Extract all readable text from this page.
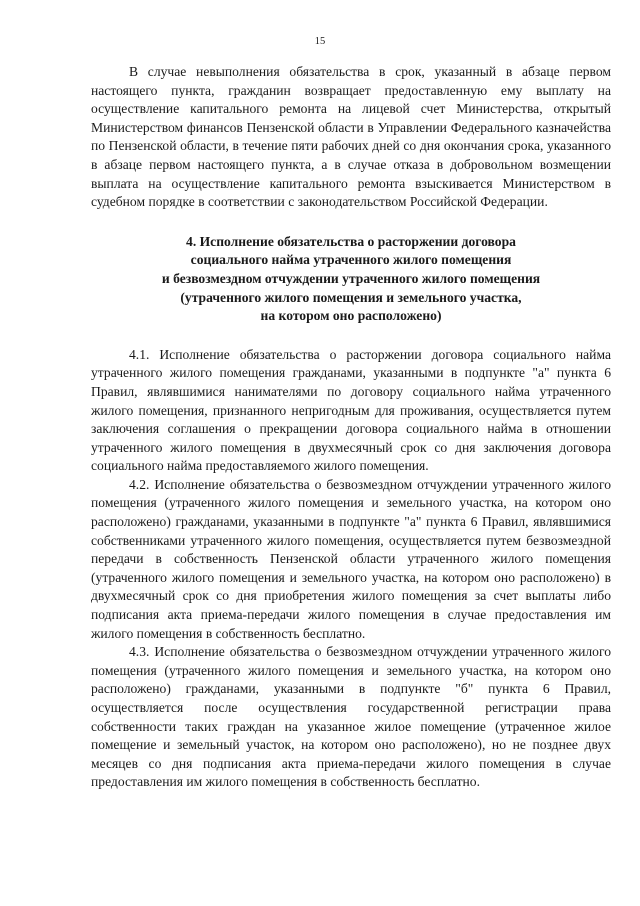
15

В случае невыполнения обязательства в срок, указанный в абзаце первом настоящего пункта, гражданин возвращает предоставленную ему выплату на осуществление капитального ремонта на лицевой счет Министерства, открытый Министерством финансов Пензенской области в Управлении Федерального казначейства по Пензенской области, в течение пяти рабочих дней со дня окончания срока, указанного в абзаце первом настоящего пункта, а в случае отказа в добровольном возмещении выплата на осуществление капитального ремонта взыскивается Министерством в судебном порядке в соответствии с законодательством Российской Федерации.

4. Исполнение обязательства о расторжении договора
социального найма утраченного жилого помещения
и безвозмездном отчуждении утраченного жилого помещения
(утраченного жилого помещения и земельного участка,
на котором оно расположено)

4.1. Исполнение обязательства о расторжении договора социального найма утраченного жилого помещения гражданами, указанными в подпункте "а" пункта 6 Правил, являвшимися нанимателями по договору социального найма утраченного жилого помещения, признанного непригодным для проживания, осуществляется путем заключения соглашения о прекращении договора социального найма в отношении утраченного жилого помещения в двухмесячный срок со дня заключения договора социального найма предоставляемого жилого помещения.

4.2. Исполнение обязательства о безвозмездном отчуждении утраченного жилого помещения (утраченного жилого помещения и земельного участка, на котором оно расположено) гражданами, указанными в подпункте "а" пункта 6 Правил, являвшимися собственниками утраченного жилого помещения, осуществляется путем безвозмездной передачи в собственность Пензенской области утраченного жилого помещения (утраченного жилого помещения и земельного участка, на котором оно расположено) в двухмесячный срок со дня приобретения жилого помещения за счет выплаты либо подписания акта приема-передачи жилого помещения в случае предоставления им жилого помещения в собственность бесплатно.

4.3. Исполнение обязательства о безвозмездном отчуждении утраченного жилого помещения (утраченного жилого помещения и земельного участка, на котором оно расположено) гражданами, указанными в подпункте "б" пункта 6 Правил, осуществляется после осуществления государственной регистрации права собственности таких граждан на указанное жилое помещение (утраченное жилое помещение и земельный участок, на котором оно расположено), но не позднее двух месяцев со дня подписания акта приема-передачи жилого помещения в случае предоставления им жилого помещения в собственность бесплатно.
